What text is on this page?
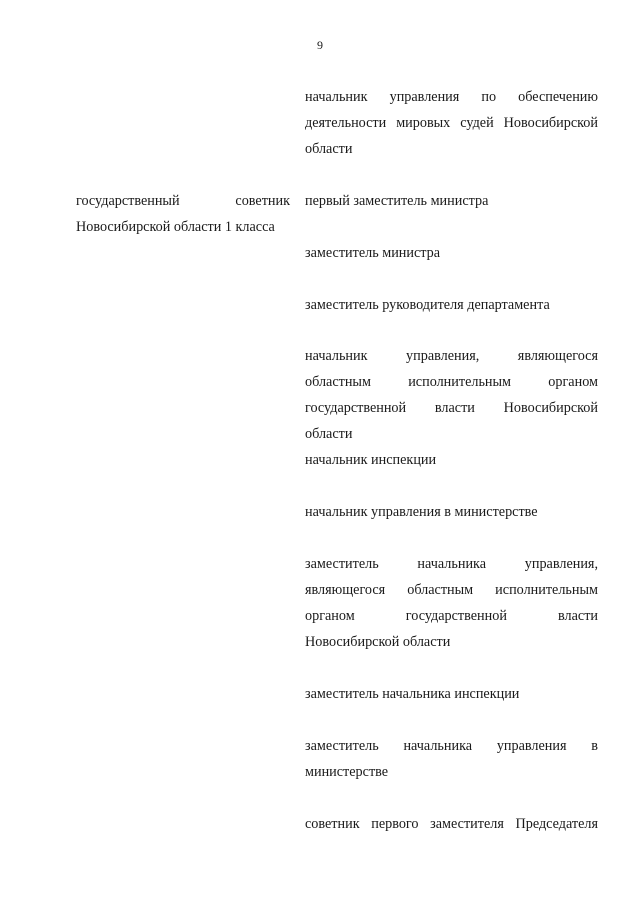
9
государственный советник
Новосибирской области 1 класса
начальник управления по обеспечению
деятельности мировых судей Новосибирской
области
первый заместитель министра
заместитель министра
заместитель руководителя департамента
начальник управления, являющегося
областным исполнительным органом
государственной власти Новосибирской
области
начальник инспекции
начальник управления в министерстве
заместитель начальника управления,
являющегося областным исполнительным
органом государственной власти
Новосибирской области
заместитель начальника инспекции
заместитель начальника управления в
министерстве
советник первого заместителя Председателя
